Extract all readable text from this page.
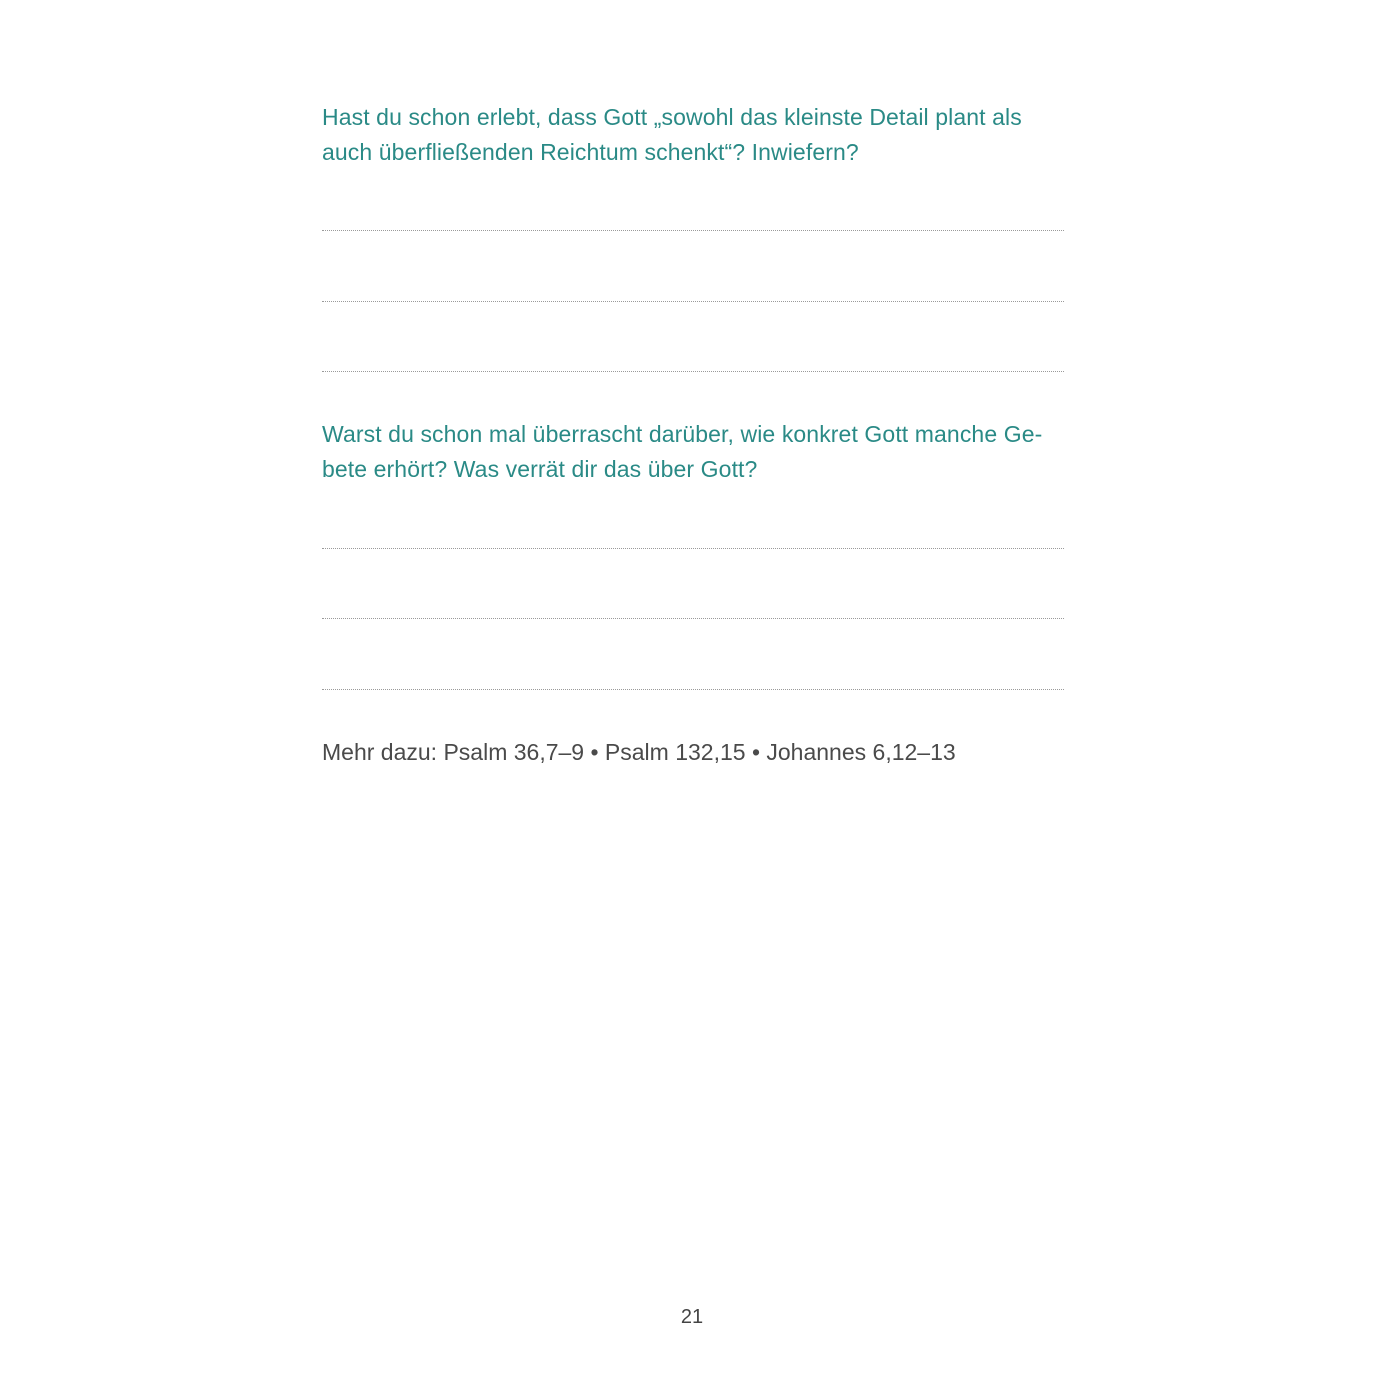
Hast du schon erlebt, dass Gott „sowohl das kleinste Detail plant als
auch überfließenden Reichtum schenkt“? Inwiefern?

Warst du schon mal überrascht darüber, wie konkret Gott manche Ge-
bete erhört? Was verrät dir das über Gott?

Mehr dazu: Psalm 36,7–9 • Psalm 132,15 • Johannes 6,12–13

21
